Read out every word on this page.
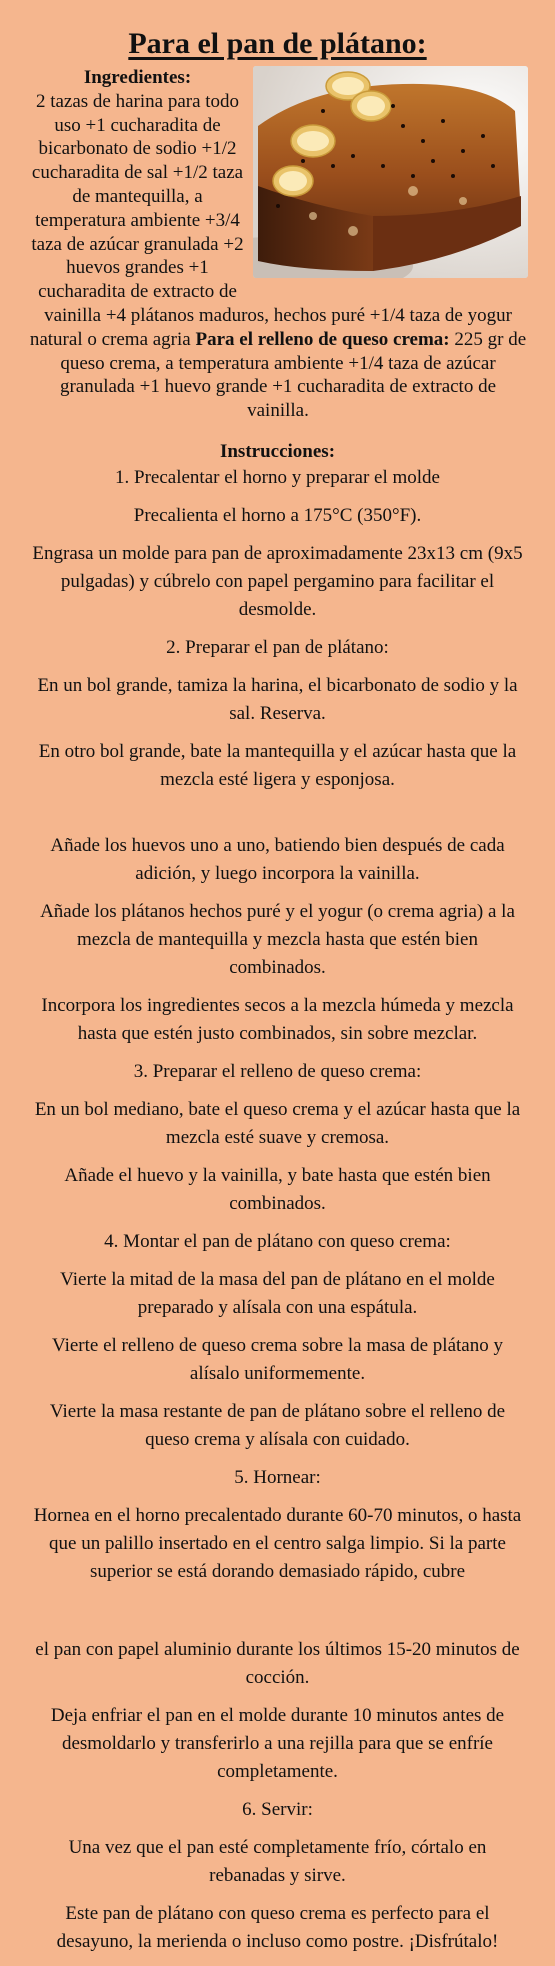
Para el pan de plátano:
Ingredientes:
2 tazas de harina para todo uso +1 cucharadita de bicarbonato de sodio +1/2 cucharadita de sal +1/2 taza de mantequilla, a temperatura ambiente +3/4 taza de azúcar granulada +2 huevos grandes +1 cucharadita de extracto de vainilla +4 plátanos maduros, hechos puré +1/4 taza de yogur natural o crema agria Para el relleno de queso crema: 225 gr de queso crema, a temperatura ambiente +1/4 taza de azúcar granulada +1 huevo grande +1 cucharadita de extracto de vainilla.

Instrucciones:

1. Precalentar el horno y preparar el molde

Precalienta el horno a 175°C (350°F).

Engrasa un molde para pan de aproximadamente 23x13 cm (9x5 pulgadas) y cúbrelo con papel pergamino para facilitar el desmolde.

2. Preparar el pan de plátano:

En un bol grande, tamiza la harina, el bicarbonato de sodio y la sal. Reserva.

En otro bol grande, bate la mantequilla y el azúcar hasta que la mezcla esté ligera y esponjosa.

Añade los huevos uno a uno, batiendo bien después de cada adición, y luego incorpora la vainilla.

Añade los plátanos hechos puré y el yogur (o crema agria) a la mezcla de mantequilla y mezcla hasta que estén bien combinados.

Incorpora los ingredientes secos a la mezcla húmeda y mezcla hasta que estén justo combinados, sin sobre mezclar.

3. Preparar el relleno de queso crema:

En un bol mediano, bate el queso crema y el azúcar hasta que la mezcla esté suave y cremosa.

Añade el huevo y la vainilla, y bate hasta que estén bien combinados.

4. Montar el pan de plátano con queso crema:

Vierte la mitad de la masa del pan de plátano en el molde preparado y alísala con una espátula.

Vierte el relleno de queso crema sobre la masa de plátano y alísalo uniformemente.

Vierte la masa restante de pan de plátano sobre el relleno de queso crema y alísala con cuidado.

5. Hornear:

Hornea en el horno precalentado durante 60-70 minutos, o hasta que un palillo insertado en el centro salga limpio. Si la parte superior se está dorando demasiado rápido, cubre

el pan con papel aluminio durante los últimos 15-20 minutos de cocción.

Deja enfriar el pan en el molde durante 10 minutos antes de desmoldarlo y transferirlo a una rejilla para que se enfríe completamente.

6. Servir:

Una vez que el pan esté completamente frío, córtalo en rebanadas y sirve.

Este pan de plátano con queso crema es perfecto para el desayuno, la merienda o incluso como postre. ¡Disfrútalo!
